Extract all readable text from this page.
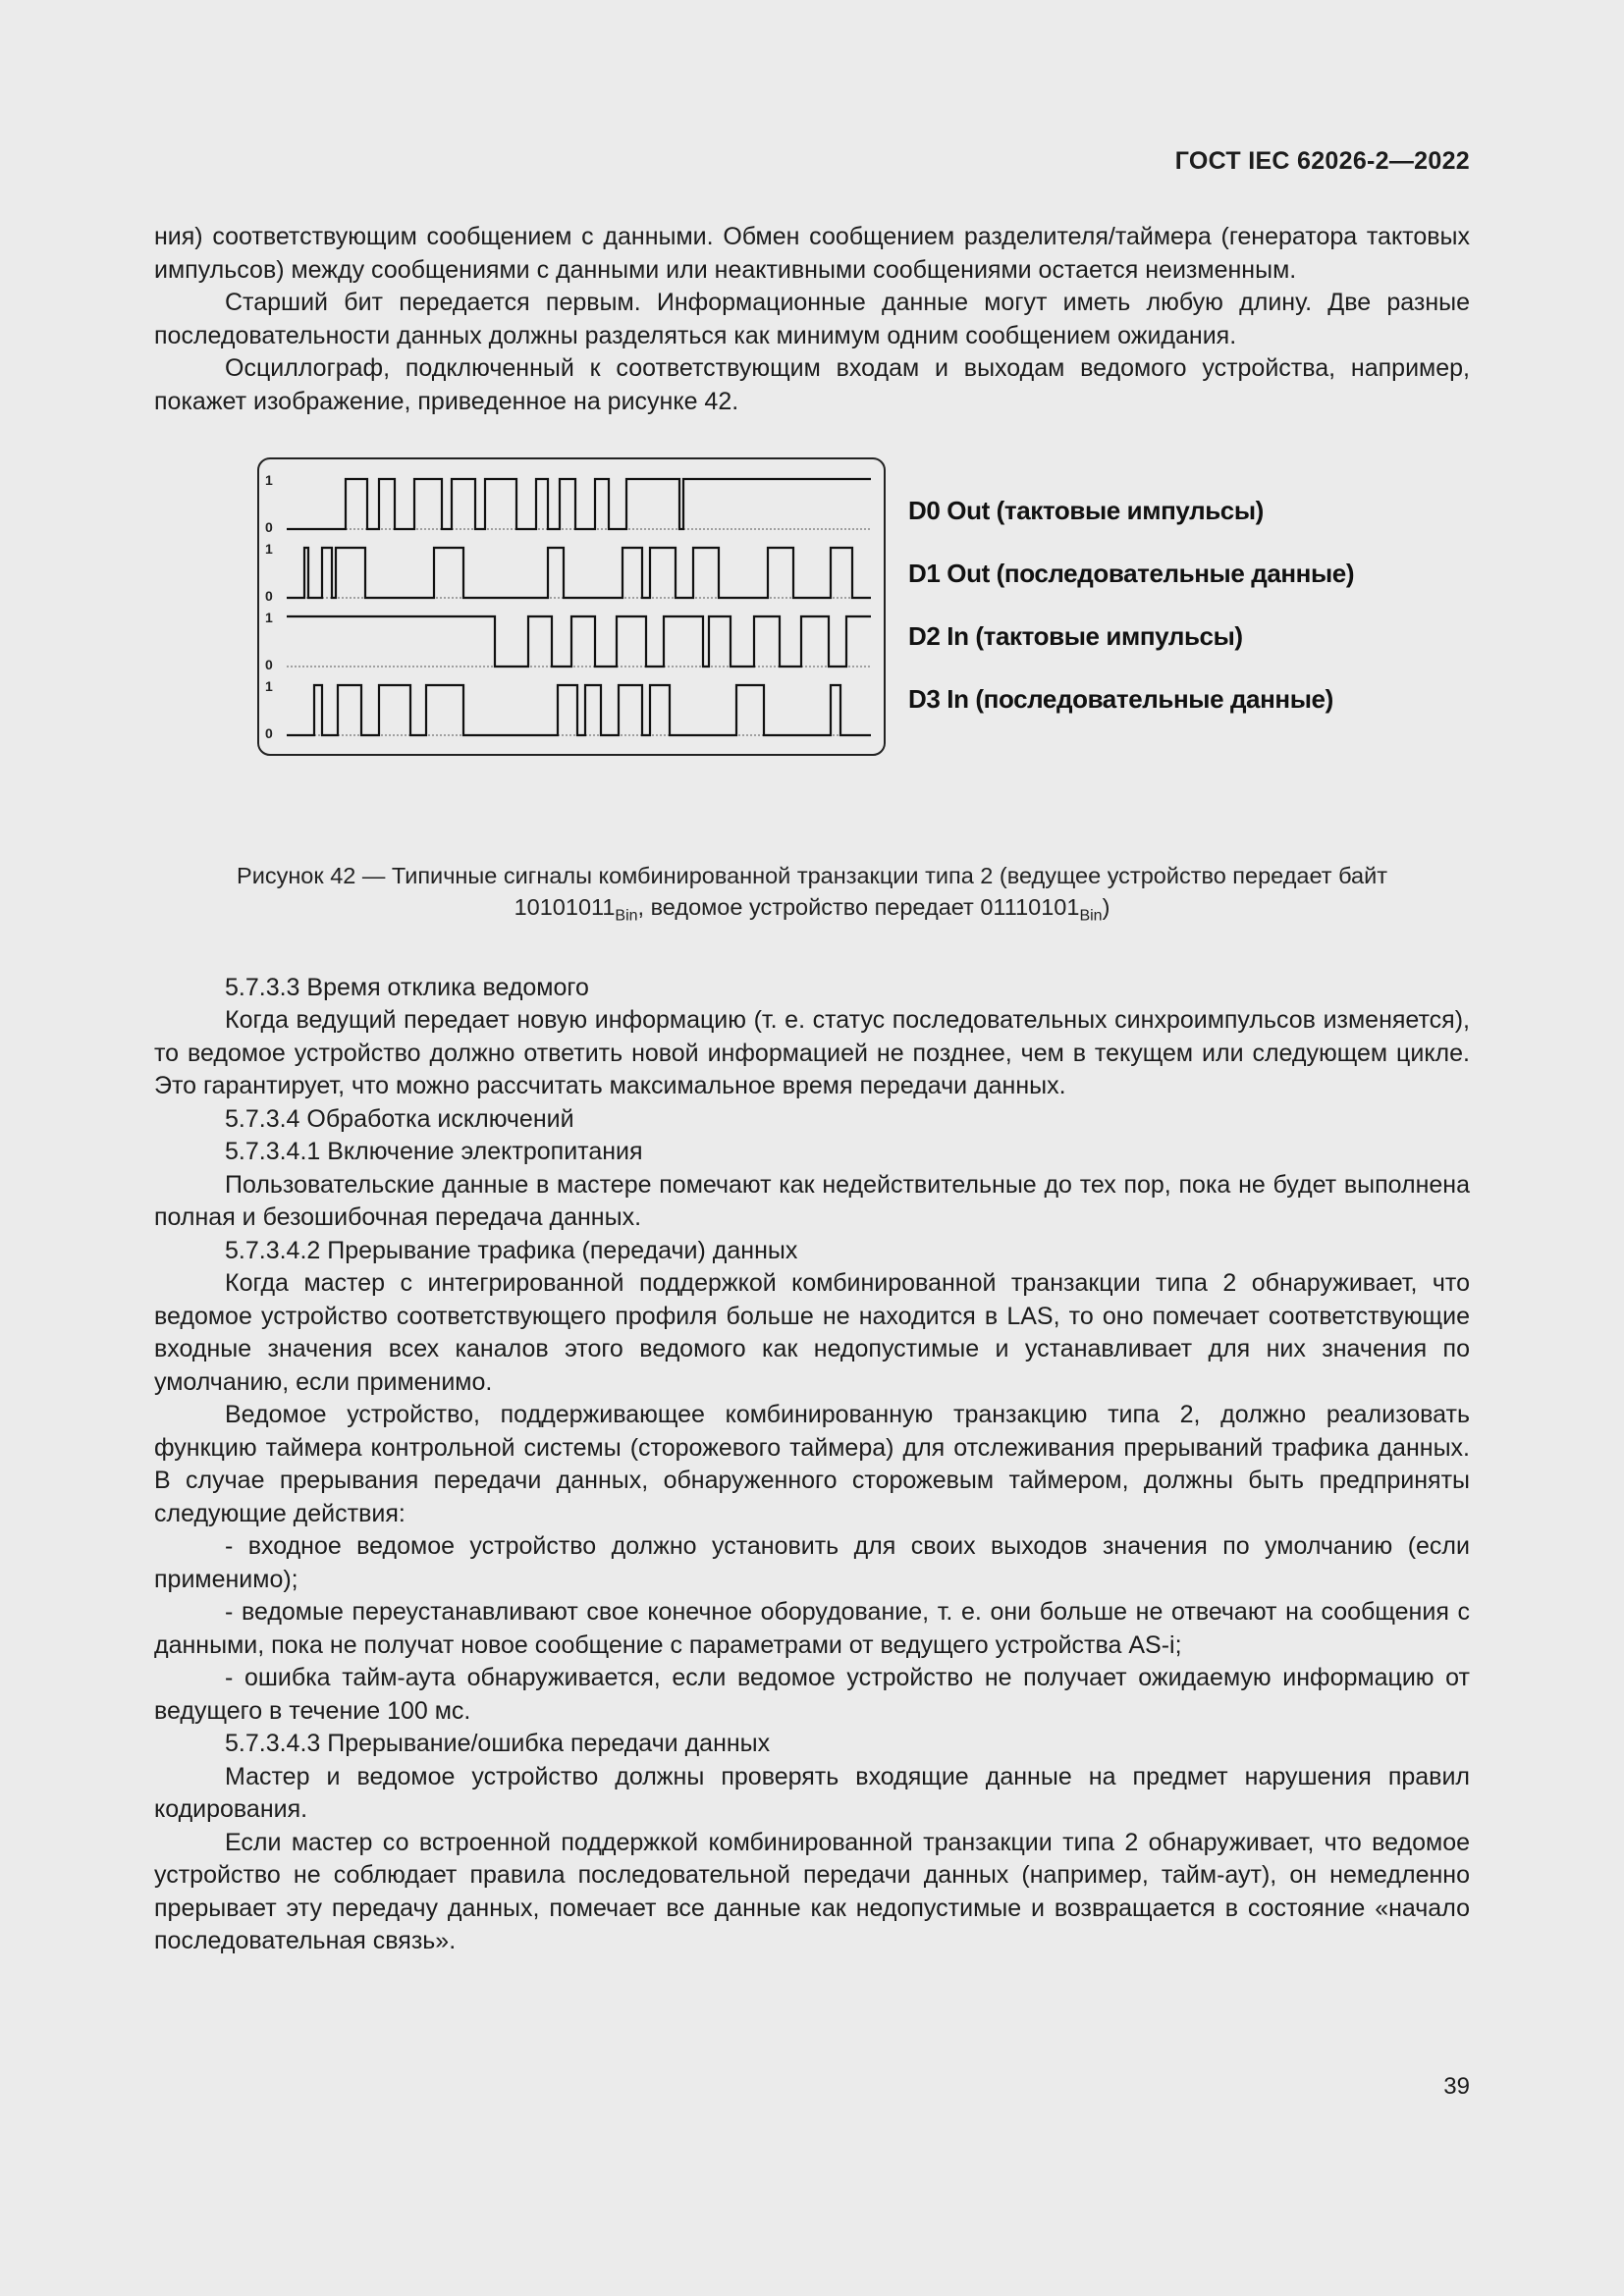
ГОСТ IEC 62026-2—2022

ния) соответствующим сообщением с данными. Обмен сообщением разделителя/таймера (генератора тактовых импульсов) между сообщениями с данными или неактивными сообщениями остается неизменным.

Старший бит передается первым. Информационные данные могут иметь любую длину. Две разные последовательности данных должны разделяться как минимум одним сообщением ожидания.

Осциллограф, подключенный к соответствующим входам и выходам ведомого устройства, например, покажет изображение, приведенное на рисунке 42.

1
0
1
0
1
0
1
0
D0 Out (тактовые импульсы)
D1 Out (последовательные данные)
D2 In (тактовые импульсы)
D3 In (последовательные данные)
Рисунок 42 — Типичные сигналы комбинированной транзакции типа 2 (ведущее устройство передает байт
$10101011_{Bin}$, ведомое устройство передает $01110101_{Bin}$)

5.7.3.3 Время отклика ведомого

Когда ведущий передает новую информацию (т. е. статус последовательных синхроимпульсов изменяется), то ведомое устройство должно ответить новой информацией не позднее, чем в текущем или следующем цикле. Это гарантирует, что можно рассчитать максимальное время передачи данных.

5.7.3.4 Обработка исключений

5.7.3.4.1 Включение электропитания

Пользовательские данные в мастере помечают как недействительные до тех пор, пока не будет выполнена полная и безошибочная передача данных.

5.7.3.4.2 Прерывание трафика (передачи) данных

Когда мастер с интегрированной поддержкой комбинированной транзакции типа 2 обнаруживает, что ведомое устройство соответствующего профиля больше не находится в LAS, то оно помечает соответствующие входные значения всех каналов этого ведомого как недопустимые и устанавливает для них значения по умолчанию, если применимо.

Ведомое устройство, поддерживающее комбинированную транзакцию типа 2, должно реализовать функцию таймера контрольной системы (сторожевого таймера) для отслеживания прерываний трафика данных. В случае прерывания передачи данных, обнаруженного сторожевым таймером, должны быть предприняты следующие действия:

- входное ведомое устройство должно установить для своих выходов значения по умолчанию (если применимо);

- ведомые переустанавливают свое конечное оборудование, т. е. они больше не отвечают на сообщения с данными, пока не получат новое сообщение с параметрами от ведущего устройства AS-i;

- ошибка тайм-аута обнаруживается, если ведомое устройство не получает ожидаемую информацию от ведущего в течение 100 мс.

5.7.3.4.3 Прерывание/ошибка передачи данных

Мастер и ведомое устройство должны проверять входящие данные на предмет нарушения правил кодирования.

Если мастер со встроенной поддержкой комбинированной транзакции типа 2 обнаруживает, что ведомое устройство не соблюдает правила последовательной передачи данных (например, тайм-аут), он немедленно прерывает эту передачу данных, помечает все данные как недопустимые и возвращается в состояние «начало последовательная связь».

39
